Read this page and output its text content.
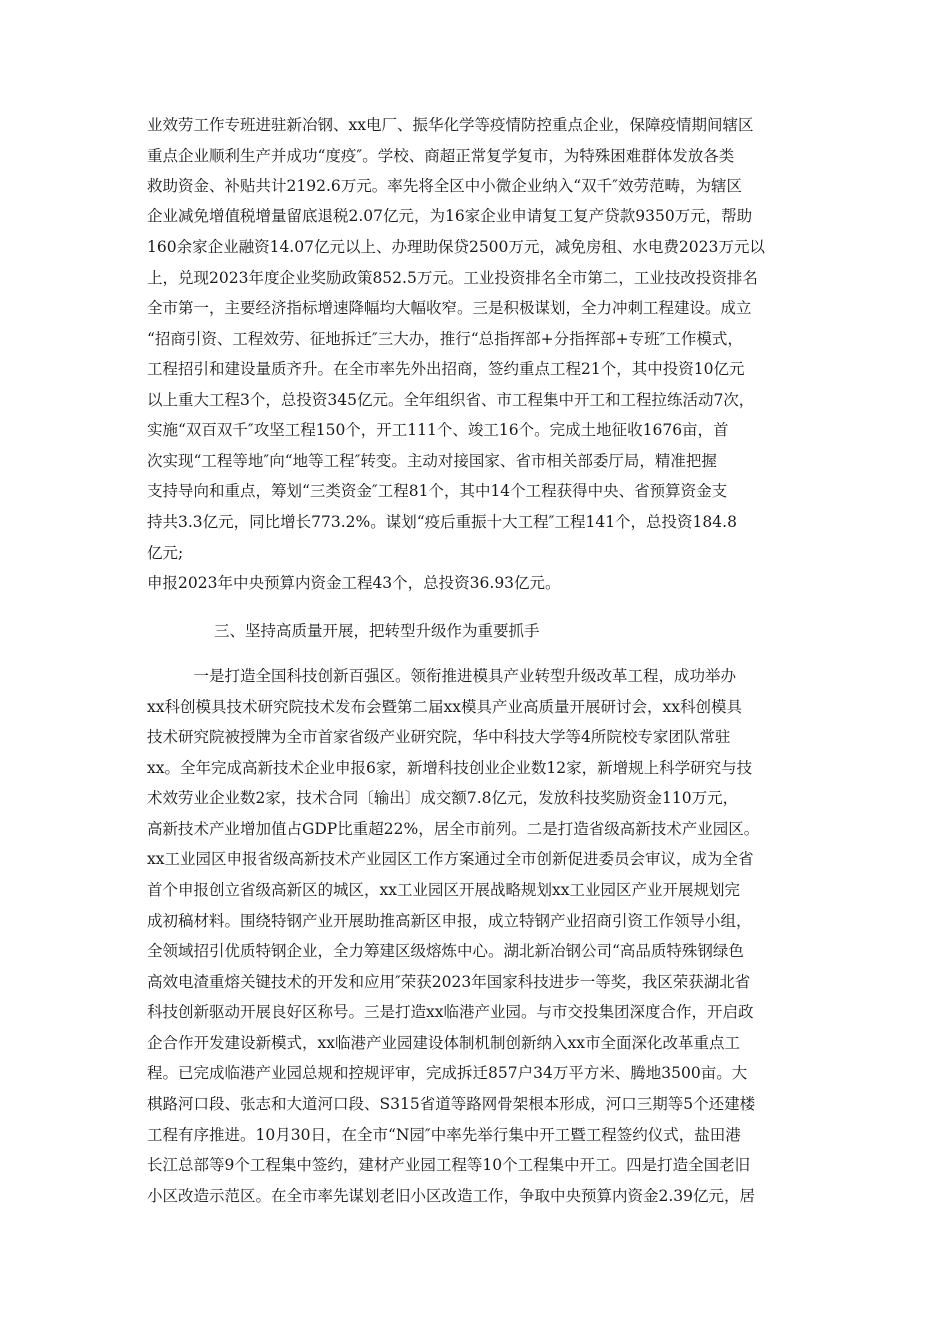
业效劳工作专班进驻新冶钢、xx电厂、振华化学等疫情防控重点企业，保障疫情期间辖区
重点企业顺利生产并成功“度疫″。学校、商超正常复学复市，为特殊困难群体发放各类
救助资金、补贴共计2192.6万元。率先将全区中小微企业纳入“双千″效劳范畴，为辖区
企业减免增值税增量留底退税2.07亿元，为16家企业申请复工复产贷款9350万元，帮助
160余家企业融资14.07亿元以上、办理助保贷2500万元，减免房租、水电费2023万元以
上，兑现2023年度企业奖励政策852.5万元。工业投资排名全市第二，工业技改投资排名
全市第一，主要经济指标增速降幅均大幅收窄。三是积极谋划，全力冲刺工程建设。成立
“招商引资、工程效劳、征地拆迁″三大办，推行“总指挥部+分指挥部+专班″工作模式，
工程招引和建设量质齐升。在全市率先外出招商，签约重点工程21个，其中投资10亿元
以上重大工程3个，总投资345亿元。全年组织省、市工程集中开工和工程拉练活动7次，
实施“双百双千″攻坚工程150个，开工111个、竣工16个。完成土地征收1676亩，首
次实现“工程等地″向“地等工程″转变。主动对接国家、省市相关部委厅局，精准把握
支持导向和重点，筹划“三类资金″工程81个，其中14个工程获得中央、省预算资金支
持共3.3亿元，同比增长773.2%。谋划“疫后重振十大工程″工程141个，总投资184.8
亿元;
申报2023年中央预算内资金工程43个，总投资36.93亿元。
三、坚持高质量开展，把转型升级作为重要抓手
　　　一是打造全国科技创新百强区。领衔推进模具产业转型升级改革工程，成功举办
xx科创模具技术研究院技术发布会暨第二届xx模具产业高质量开展研讨会，xx科创模具
技术研究院被授牌为全市首家省级产业研究院，华中科技大学等4所院校专家团队常驻
xx。全年完成高新技术企业申报6家，新增科技创业企业数12家，新增规上科学研究与技
术效劳业企业数2家，技术合同〔输出〕成交额7.8亿元，发放科技奖励资金110万元，
高新技术产业增加值占GDP比重超22%，居全市前列。二是打造省级高新技术产业园区。
xx工业园区申报省级高新技术产业园区工作方案通过全市创新促进委员会审议，成为全省
首个申报创立省级高新区的城区，xx工业园区开展战略规划xx工业园区产业开展规划完
成初稿材料。围绕特钢产业开展助推高新区申报，成立特钢产业招商引资工作领导小组，
全领域招引优质特钢企业，全力筹建区级熔炼中心。湖北新冶钢公司“高品质特殊钢绿色
高效电渣重熔关键技术的开发和应用″荣获2023年国家科技进步一等奖，我区荣获湖北省
科技创新驱动开展良好区称号。三是打造xx临港产业园。与市交投集团深度合作，开启政
企合作开发建设新模式，xx临港产业园建设体制机制创新纳入xx市全面深化改革重点工
程。已完成临港产业园总规和控规评审，完成拆迁857户34万平方米、腾地3500亩。大
棋路河口段、张志和大道河口段、S315省道等路网骨架根本形成，河口三期等5个还建楼
工程有序推进。10月30日，在全市“N园″中率先举行集中开工暨工程签约仪式，盐田港
长江总部等9个工程集中签约，建材产业园工程等10个工程集中开工。四是打造全国老旧
小区改造示范区。在全市率先谋划老旧小区改造工作，争取中央预算内资金2.39亿元，居
